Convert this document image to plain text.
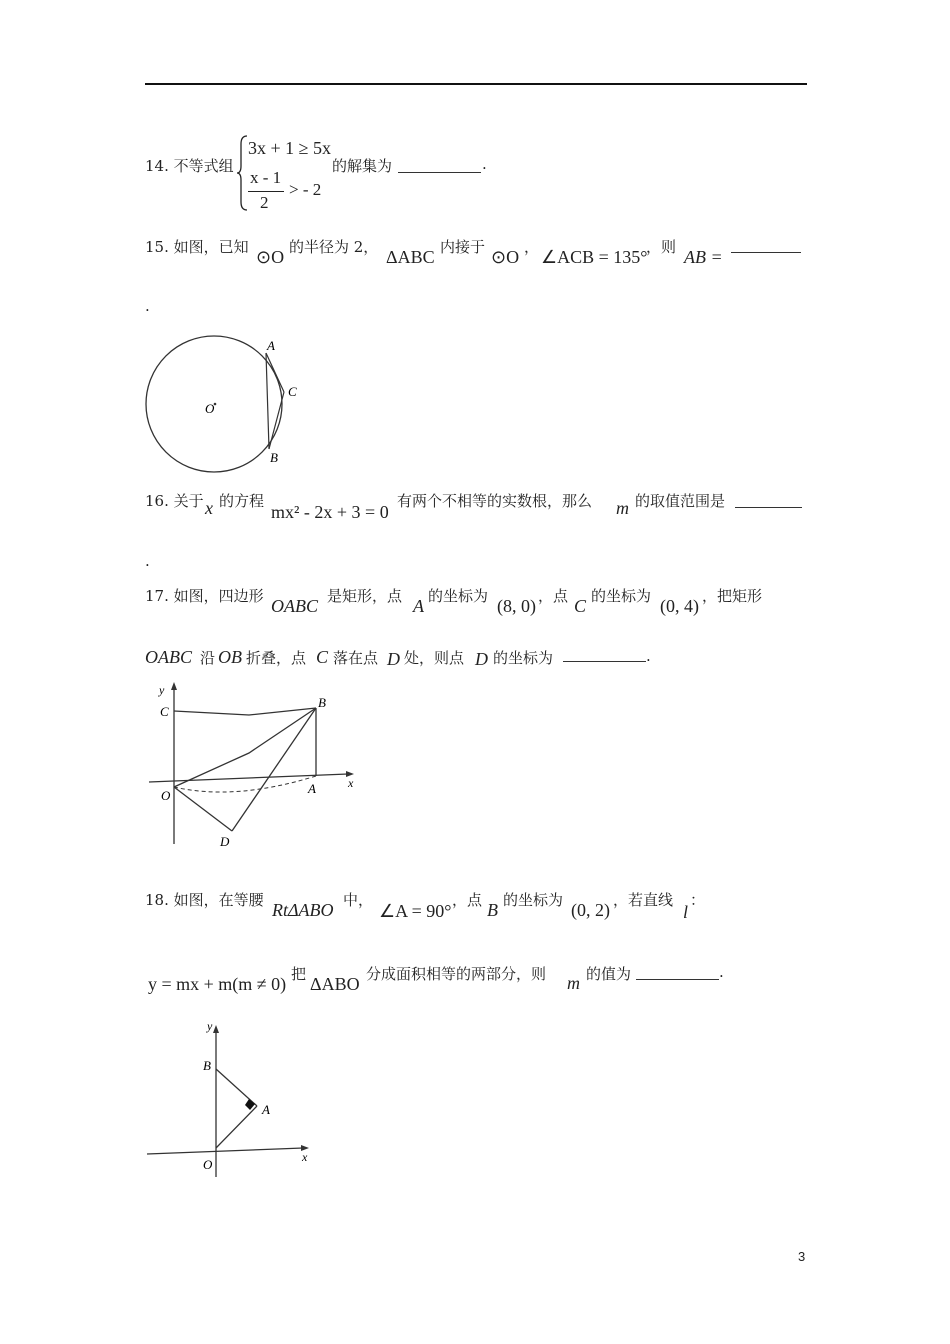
14. 不等式组
3x + 1 ≥ 5x
x - 1
2
> - 2
的解集为	.
15. 如图，已知 ⊙O 的半径为 2， ΔABC 内接于 ⊙O ， ∠ACB = 135°
，则 AB =
.
A
C
B
O
16. 关于 x 的方程
mx² - 2x + 3 = 0
有两个不相等的实数根，那么 m 的取值范围是
.
17. 如图，四边形 OABC 是矩形，点 A 的坐标为 (8, 0) ，点 C 的坐标为 (0, 4) ，把矩形
OABC 沿 OB 折叠，点 C 落在点 D 处，则点 D 的坐标为	.
y
x
C
B
O	A
D
18. 如图，在等腰 RtΔABO 中，
∠A = 90°
，点 B 的坐标为 (0, 2) ，若直线
l
：
y = mx + m(m ≠ 0) 把 ΔABO 分成面积相等的两部分，则 m 的值为	.
y
x
B
A
O
3
